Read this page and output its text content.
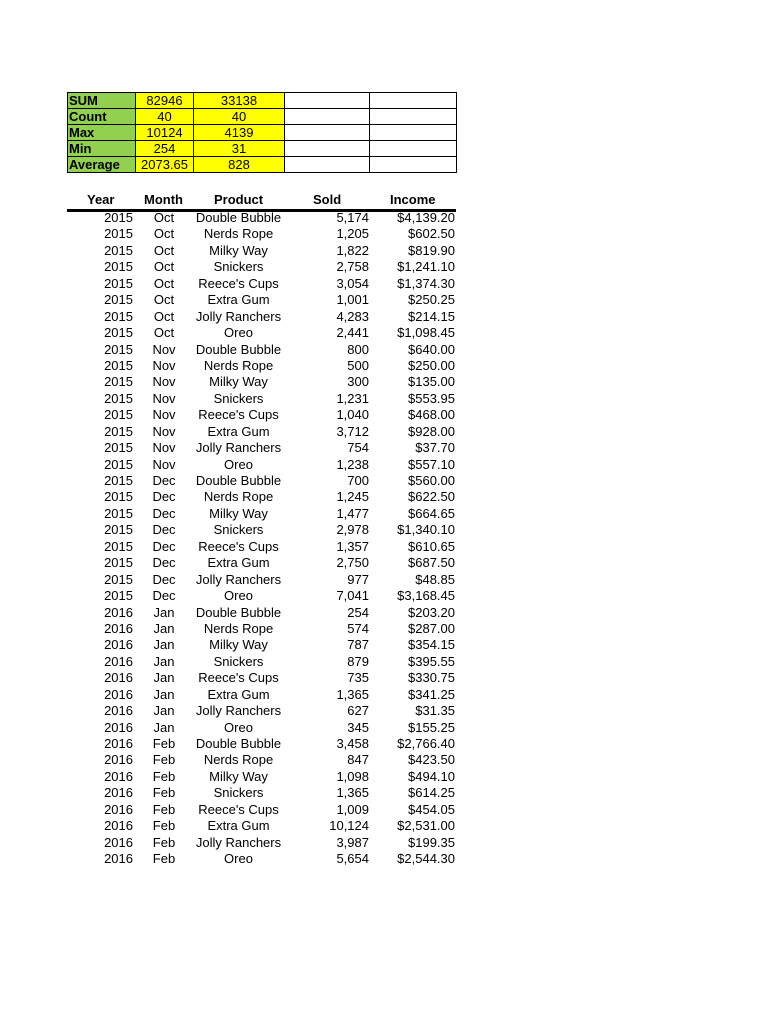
SUM	82946	33138		
Count	40	40		
Max	10124	4139		
Min	254	31		
Average	2073.65	828		
Year Month Product	Sold	Income
2015	Oct	Double Bubble	5,174 $4,139.20
2015	Oct	Nerds Rope	1,205	$602.50
2015	Oct	Milky Way	1,822	$819.90
2015	Oct	Snickers	2,758 $1,241.10
2015	Oct	Reece's Cups	3,054 $1,374.30
2015	Oct	Extra Gum	1,001	$250.25
2015	Oct	Jolly Ranchers	4,283	$214.15
2015	Oct	Oreo	2,441 $1,098.45
2015	Nov	Double Bubble	800	$640.00
2015	Nov	Nerds Rope	500	$250.00
2015	Nov	Milky Way	300	$135.00
2015	Nov	Snickers	1,231	$553.95
2015	Nov	Reece's Cups	1,040	$468.00
2015	Nov	Extra Gum	3,712	$928.00
2015	Nov	Jolly Ranchers	754	$37.70
2015	Nov	Oreo	1,238	$557.10
2015	Dec	Double Bubble	700	$560.00
2015	Dec	Nerds Rope	1,245	$622.50
2015	Dec	Milky Way	1,477	$664.65
2015	Dec	Snickers	2,978 $1,340.10
2015	Dec	Reece's Cups	1,357	$610.65
2015	Dec	Extra Gum	2,750	$687.50
2015	Dec	Jolly Ranchers	977	$48.85
2015	Dec	Oreo	7,041 $3,168.45
2016	Jan	Double Bubble	254	$203.20
2016	Jan	Nerds Rope	574	$287.00
2016	Jan	Milky Way	787	$354.15
2016	Jan	Snickers	879	$395.55
2016	Jan	Reece's Cups	735	$330.75
2016	Jan	Extra Gum	1,365	$341.25
2016	Jan	Jolly Ranchers	627	$31.35
2016	Jan	Oreo	345	$155.25
2016	Feb	Double Bubble	3,458 $2,766.40
2016	Feb	Nerds Rope	847	$423.50
2016	Feb	Milky Way	1,098	$494.10
2016	Feb	Snickers	1,365	$614.25
2016	Feb	Reece's Cups	1,009	$454.05
2016	Feb	Extra Gum	10,124 $2,531.00
2016	Feb	Jolly Ranchers	3,987	$199.35
2016	Feb	Oreo	5,654 $2,544.30
